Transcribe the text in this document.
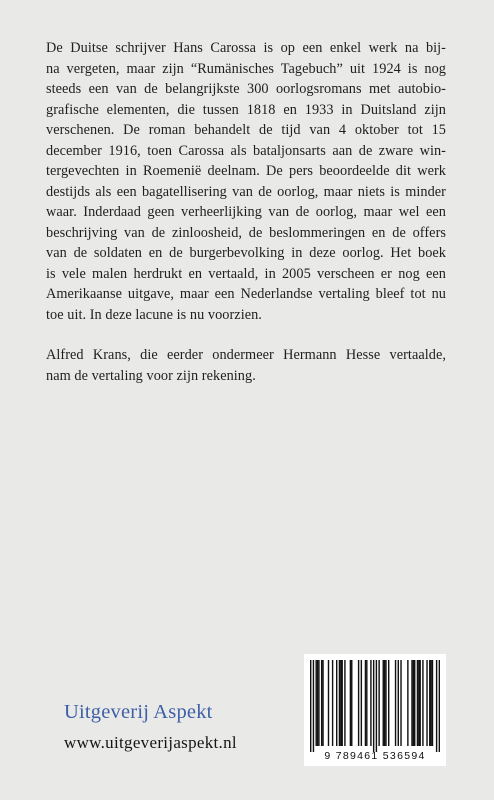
De Duitse schrijver Hans Carossa is op een enkel werk na bij-
na vergeten, maar zijn “Rumänisches Tagebuch” uit 1924 is nog
steeds een van de belangrijkste 300 oorlogsromans met autobio-
grafische elementen, die tussen 1818 en 1933 in Duitsland zijn
verschenen. De roman behandelt de tijd van 4 oktober tot 15
december 1916, toen Carossa als bataljonsarts aan de zware win-
tergevechten in Roemenië deelnam. De pers beoordeelde dit werk
destijds als een bagatellisering van de oorlog, maar niets is minder
waar. Inderdaad geen verheerlijking van de oorlog, maar wel een
beschrijving van de zinloosheid, de beslommeringen en de offers
van de soldaten en de burgerbevolking in deze oorlog. Het boek
is vele malen herdrukt en vertaald, in 2005 verscheen er nog een
Amerikaanse uitgave, maar een Nederlandse vertaling bleef tot nu
toe uit. In deze lacune is nu voorzien.
Alfred Krans, die eerder ondermeer Hermann Hesse vertaalde,
nam de vertaling voor zijn rekening.
Uitgeverij Aspekt
www.uitgeverijaspekt.nl
9 789461 536594
